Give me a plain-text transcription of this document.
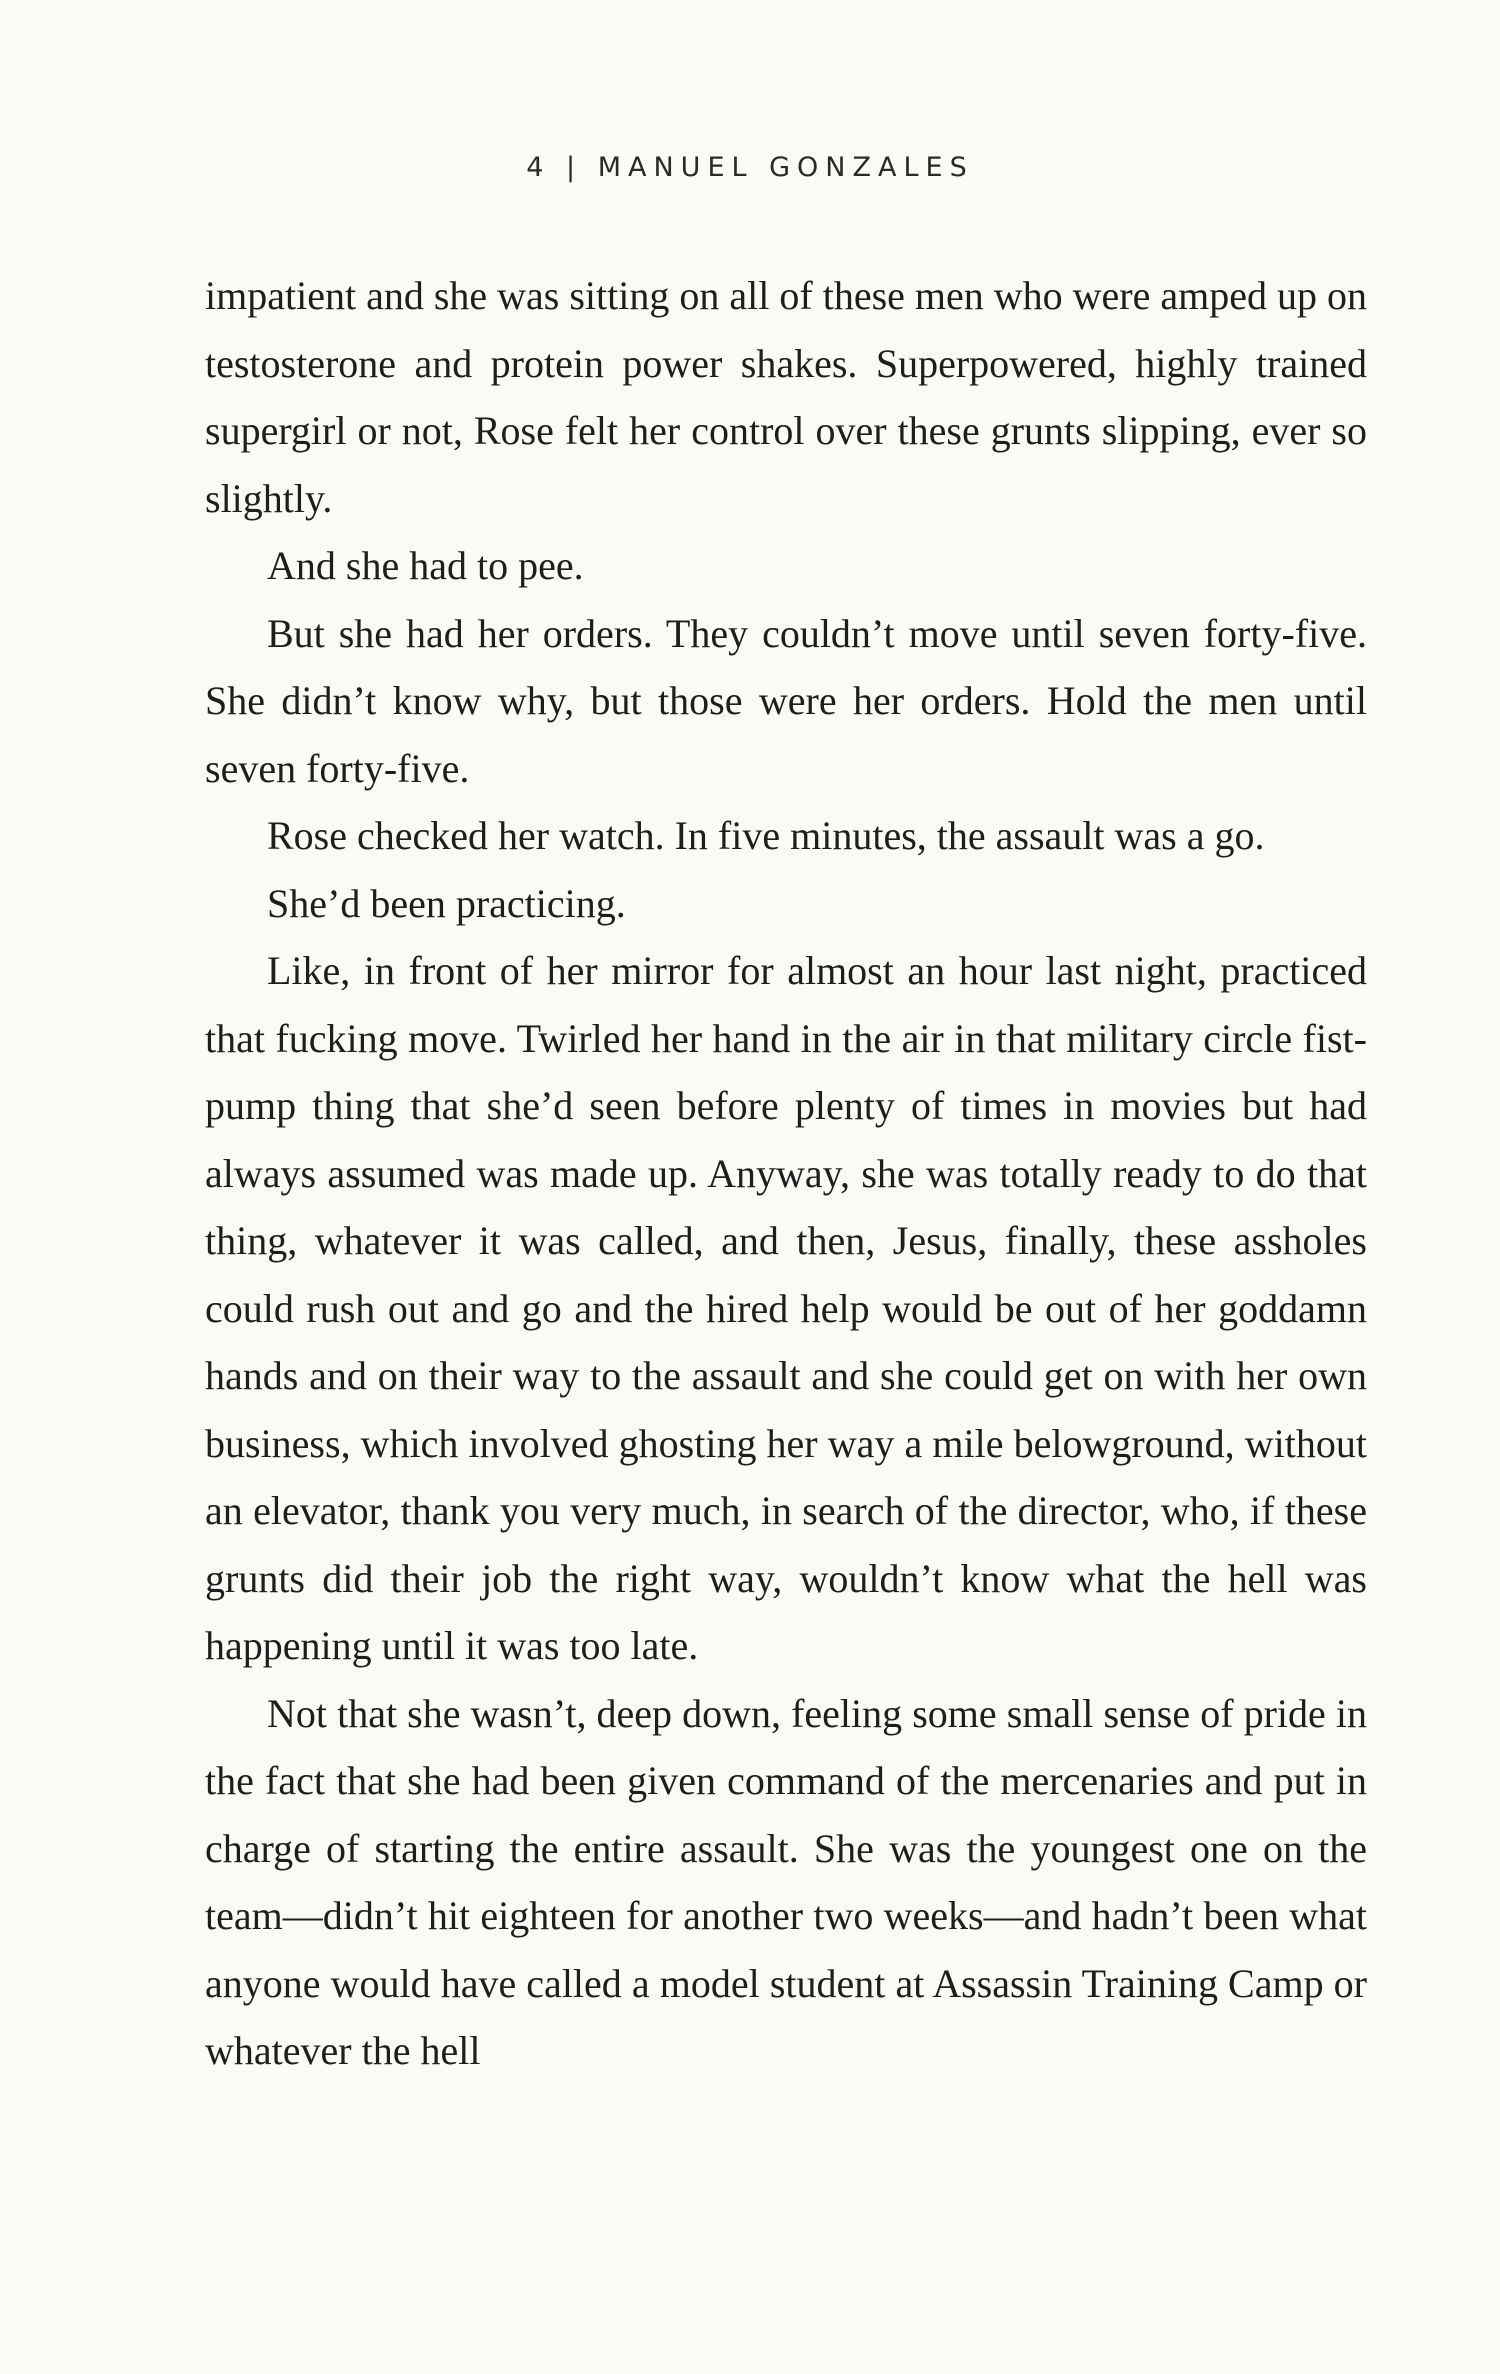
4 | MANUEL GONZALES

impatient and she was sitting on all of these men who were amped up on testosterone and protein power shakes. Superpowered, highly trained supergirl or not, Rose felt her control over these grunts slipping, ever so slightly.

And she had to pee.

But she had her orders. They couldn’t move until seven forty-five. She didn’t know why, but those were her orders. Hold the men until seven forty-five.

Rose checked her watch. In five minutes, the assault was a go.

She’d been practicing.

Like, in front of her mirror for almost an hour last night, practiced that fucking move. Twirled her hand in the air in that military circle fist-pump thing that she’d seen before plenty of times in movies but had always assumed was made up. Anyway, she was totally ready to do that thing, whatever it was called, and then, Jesus, finally, these assholes could rush out and go and the hired help would be out of her goddamn hands and on their way to the assault and she could get on with her own business, which involved ghosting her way a mile belowground, without an elevator, thank you very much, in search of the director, who, if these grunts did their job the right way, wouldn’t know what the hell was happening until it was too late.

Not that she wasn’t, deep down, feeling some small sense of pride in the fact that she had been given command of the mercenaries and put in charge of starting the entire assault. She was the youngest one on the team—didn’t hit eighteen for another two weeks—and hadn’t been what anyone would have called a model student at Assassin Training Camp or whatever the hell
